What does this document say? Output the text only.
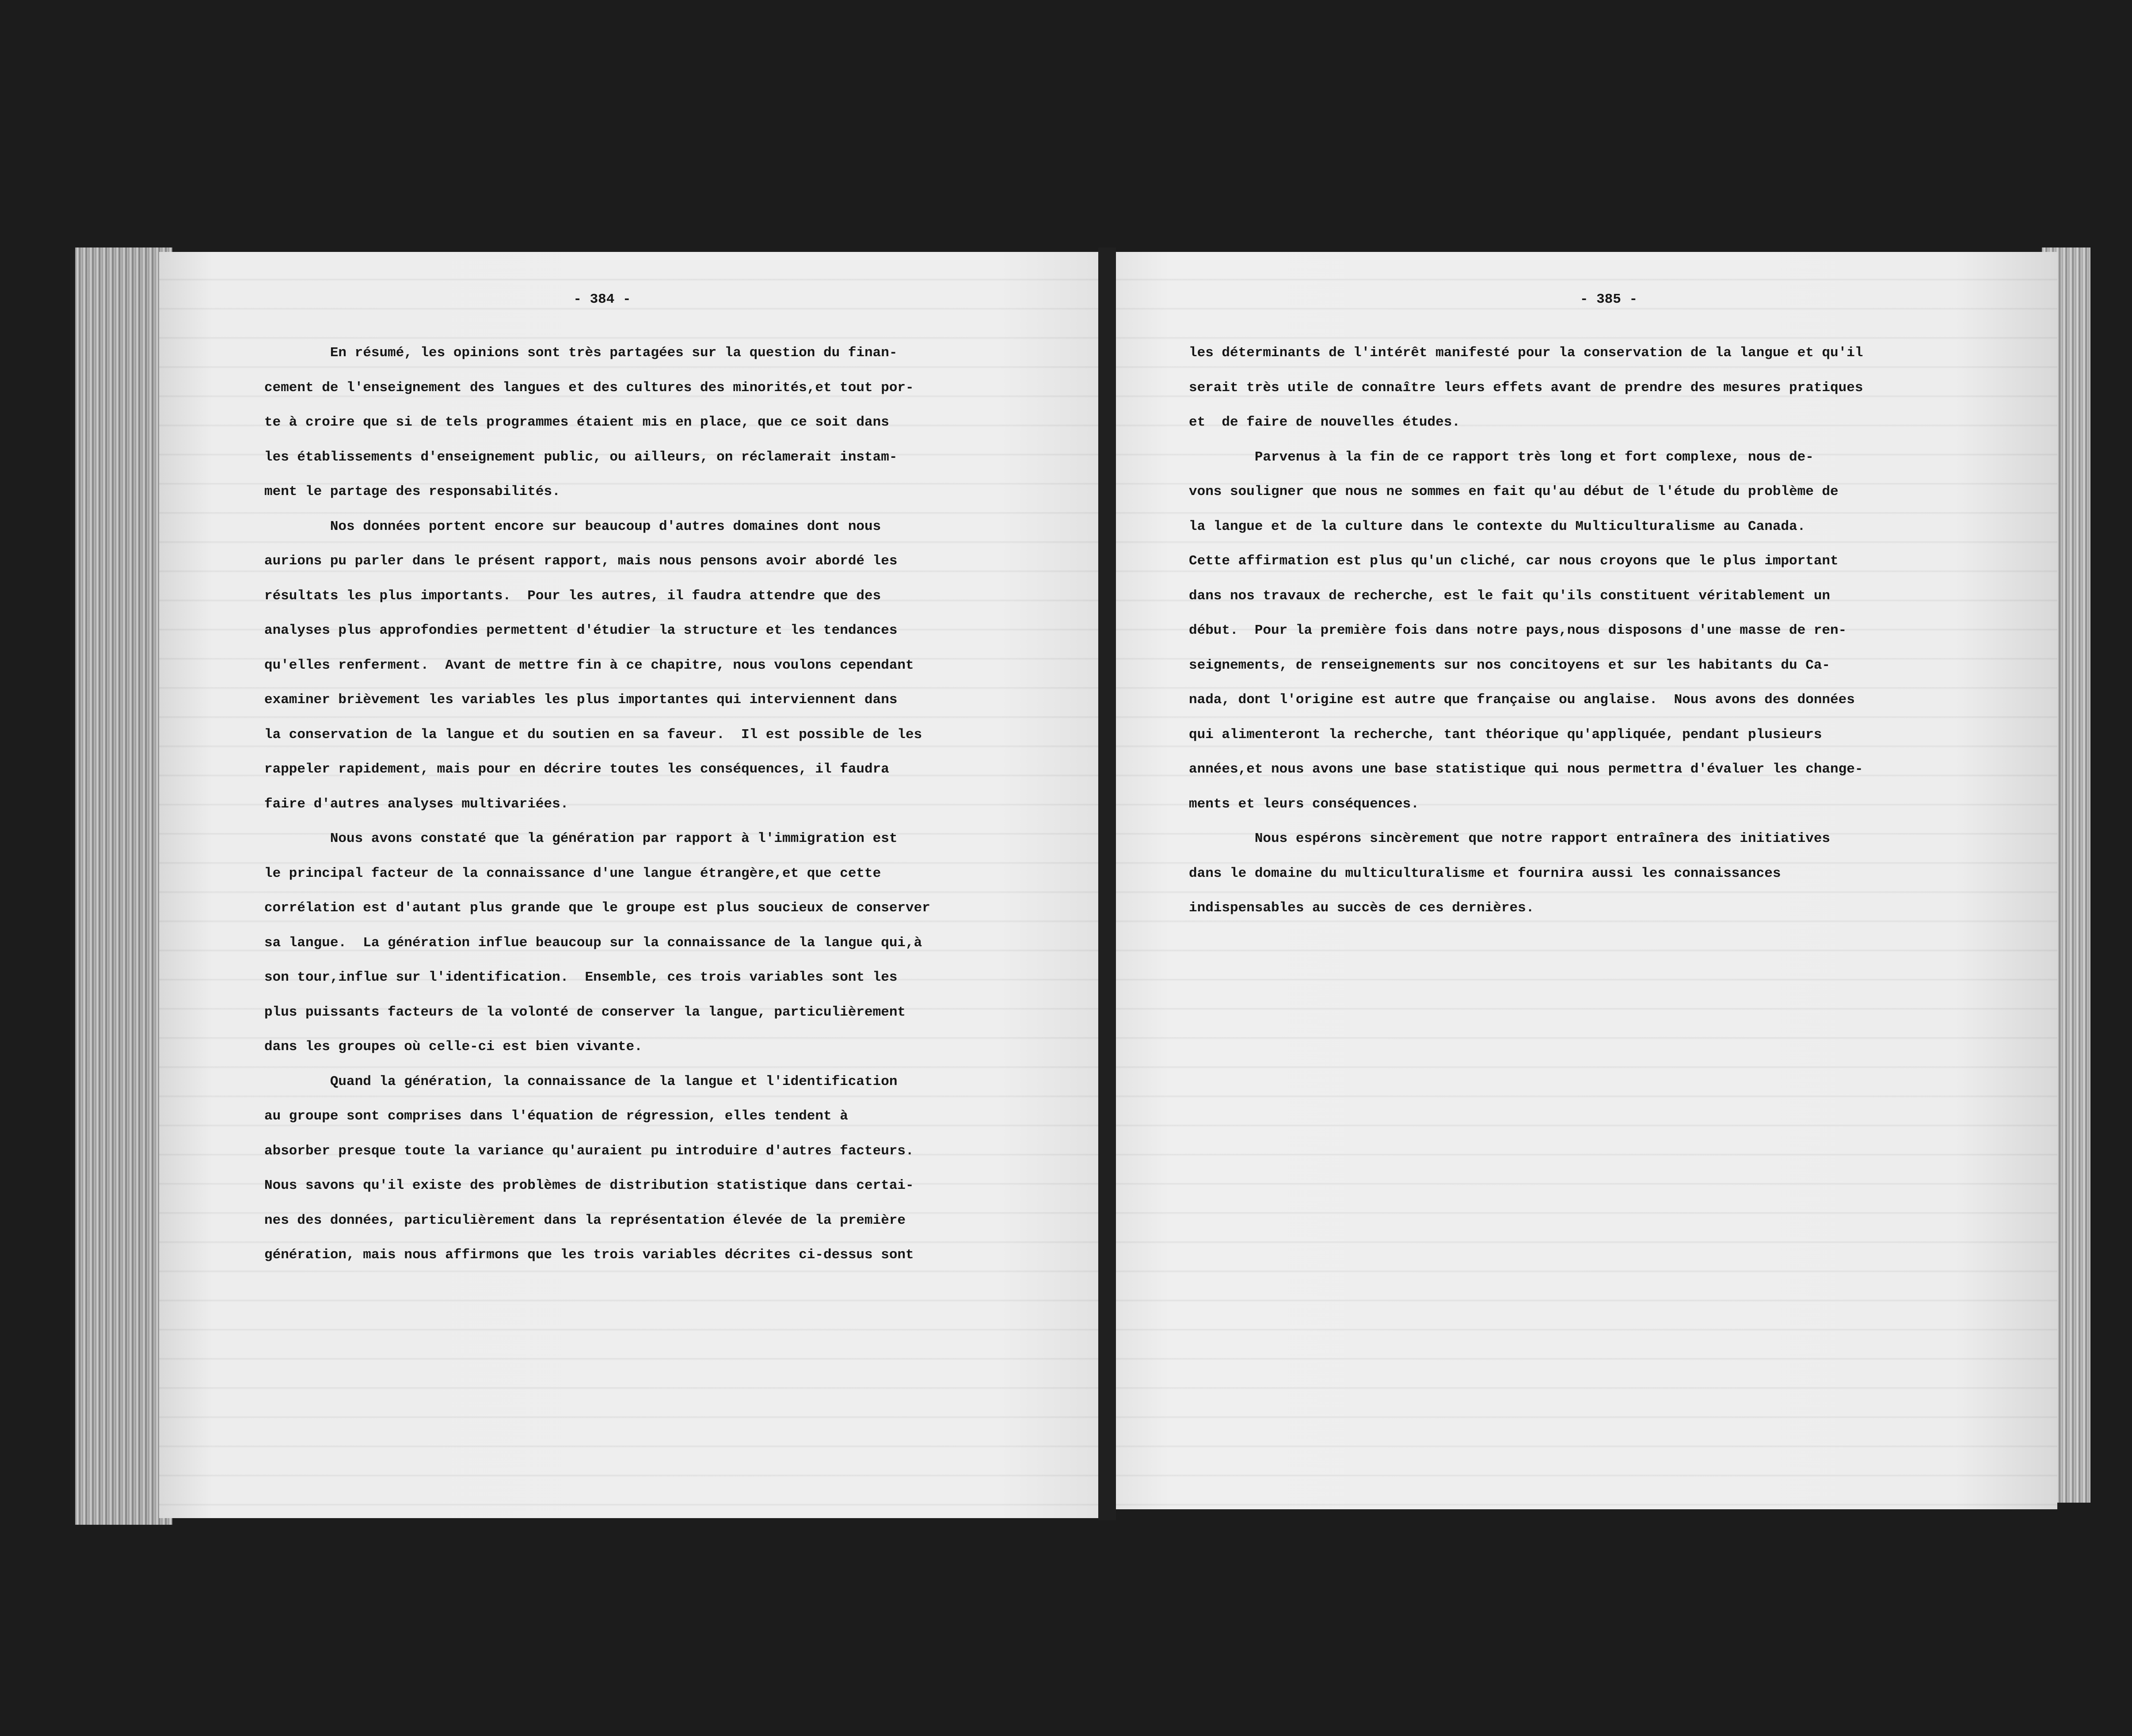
- 384 -
En résumé, les opinions sont très partagées sur la question du finan-
cement de l'enseignement des langues et des cultures des minorités,et tout por-
te à croire que si de tels programmes étaient mis en place, que ce soit dans
les établissements d'enseignement public, ou ailleurs, on réclamerait instam-
ment le partage des responsabilités.
Nos données portent encore sur beaucoup d'autres domaines dont nous
aurions pu parler dans le présent rapport, mais nous pensons avoir abordé les
résultats les plus importants.  Pour les autres, il faudra attendre que des
analyses plus approfondies permettent d'étudier la structure et les tendances
qu'elles renferment.  Avant de mettre fin à ce chapitre, nous voulons cependant
examiner brièvement les variables les plus importantes qui interviennent dans
la conservation de la langue et du soutien en sa faveur.  Il est possible de les
rappeler rapidement, mais pour en décrire toutes les conséquences, il faudra
faire d'autres analyses multivariées.
Nous avons constaté que la génération par rapport à l'immigration est
le principal facteur de la connaissance d'une langue étrangère,et que cette
corrélation est d'autant plus grande que le groupe est plus soucieux de conserver
sa langue.  La génération influe beaucoup sur la connaissance de la langue qui,à
son tour,influe sur l'identification.  Ensemble, ces trois variables sont les
plus puissants facteurs de la volonté de conserver la langue, particulièrement
dans les groupes où celle-ci est bien vivante.
Quand la génération, la connaissance de la langue et l'identification
au groupe sont comprises dans l'équation de régression, elles tendent à
absorber presque toute la variance qu'auraient pu introduire d'autres facteurs.
Nous savons qu'il existe des problèmes de distribution statistique dans certai-
nes des données, particulièrement dans la représentation élevée de la première
génération, mais nous affirmons que les trois variables décrites ci-dessus sont
- 385 -
les déterminants de l'intérêt manifesté pour la conservation de la langue et qu'il
serait très utile de connaître leurs effets avant de prendre des mesures pratiques
et  de faire de nouvelles études.
Parvenus à la fin de ce rapport très long et fort complexe, nous de-
vons souligner que nous ne sommes en fait qu'au début de l'étude du problème de
la langue et de la culture dans le contexte du Multiculturalisme au Canada.
Cette affirmation est plus qu'un cliché, car nous croyons que le plus important
dans nos travaux de recherche, est le fait qu'ils constituent véritablement un
début.  Pour la première fois dans notre pays,nous disposons d'une masse de ren-
seignements, de renseignements sur nos concitoyens et sur les habitants du Ca-
nada, dont l'origine est autre que française ou anglaise.  Nous avons des données
qui alimenteront la recherche, tant théorique qu'appliquée, pendant plusieurs
années,et nous avons une base statistique qui nous permettra d'évaluer les change-
ments et leurs conséquences.
Nous espérons sincèrement que notre rapport entraînera des initiatives
dans le domaine du multiculturalisme et fournira aussi les connaissances
indispensables au succès de ces dernières.
